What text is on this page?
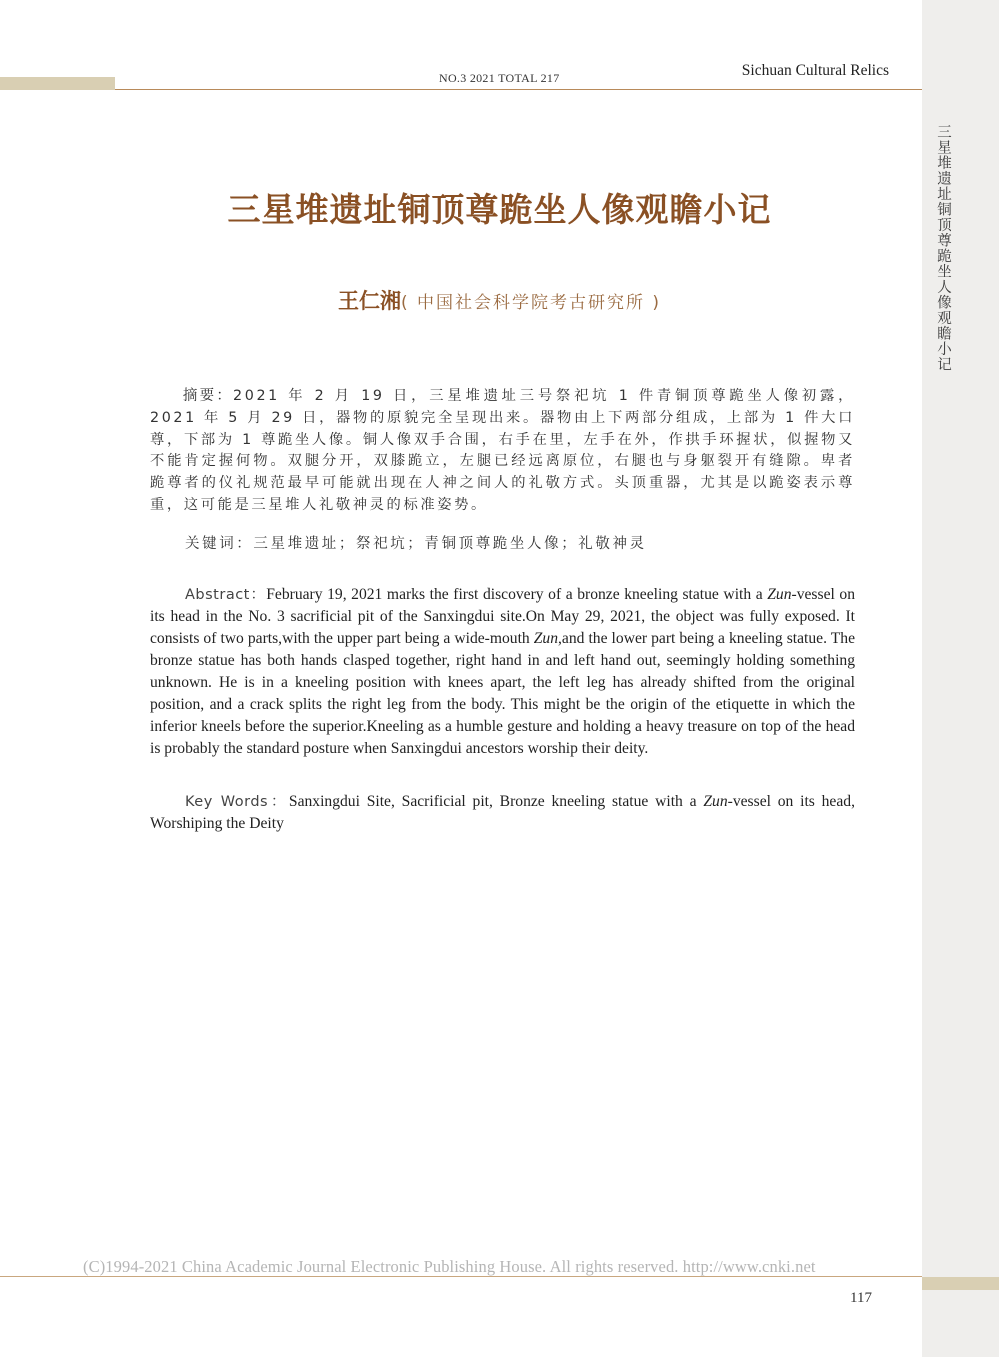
三星堆遗址铜顶尊跪坐人像观瞻小记
NO.3 2021 TOTAL 217	Sichuan Cultural Relics
三星堆遗址铜顶尊跪坐人像观瞻小记
王仁湘( 中国社会科学院考古研究所 )

摘要：2021 年 2 月 19 日，三星堆遗址三号祭祀坑 1 件青铜顶尊跪坐人像初露，2021 年 5 月 29 日，器物的原貌完全呈现出来。器物由上下两部分组成，上部为 1 件大口尊，下部为 1 尊跪坐人像。铜人像双手合围，右手在里，左手在外，作拱手环握状，似握物又不能肯定握何物。双腿分开，双膝跪立，左腿已经远离原位，右腿也与身躯裂开有缝隙。卑者跪尊者的仪礼规范最早可能就出现在人神之间人的礼敬方式。头顶重器，尤其是以跪姿表示尊重，这可能是三星堆人礼敬神灵的标准姿势。

关键词：三星堆遗址；祭祀坑；青铜顶尊跪坐人像；礼敬神灵

Abstract：February 19, 2021 marks the first discovery of a bronze kneeling statue with a Zun-vessel on its head in the No. 3 sacrificial pit of the Sanxingdui site.On May 29, 2021, the object was fully exposed. It consists of two parts,with the upper part being a wide-mouth Zun,and the lower part being a kneeling statue. The bronze statue has both hands clasped together, right hand in and left hand out, seemingly holding something unknown. He is in a kneeling position with knees apart, the left leg has already shifted from the original position, and a crack splits the right leg from the body. This might be the origin of the etiquette in which the inferior kneels before the superior.Kneeling as a humble gesture and holding a heavy treasure on top of the head is probably the standard posture when Sanxingdui ancestors worship their deity.

Key Words：Sanxingdui Site, Sacrificial pit, Bronze kneeling statue with a Zun-vessel on its head, Worshiping the Deity

(C)1994-2021 China Academic Journal Electronic Publishing House. All rights reserved. http://www.cnki.net
117
